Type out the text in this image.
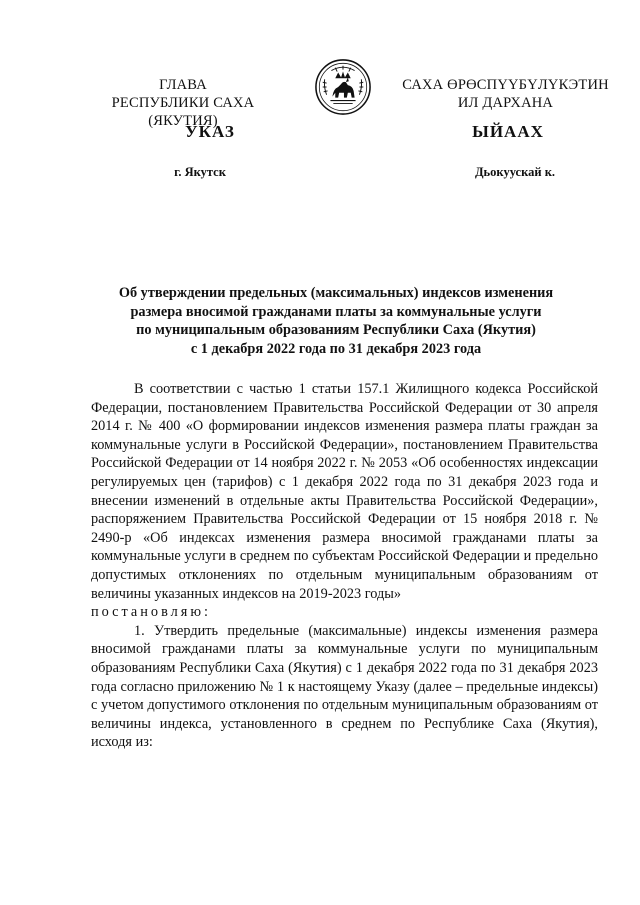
ГЛАВА
РЕСПУБЛИКИ САХА (ЯКУТИЯ)
САХА ӨРӨСПҮҮБҮЛҮКЭТИН
ИЛ ДАРХАНА
УКАЗ	ЫЙААХ
г. Якутск	Дьокуускай к.
Об утверждении предельных (максимальных) индексов изменения
размера вносимой гражданами платы за коммунальные услуги
по муниципальным образованиям Республики Саха (Якутия)
с 1 декабря 2022 года по 31 декабря 2023 года

В соответствии с частью 1 статьи 157.1 Жилищного кодекса Российской Федерации, постановлением Правительства Российской Федерации от 30 апреля 2014 г. № 400 «О формировании индексов изменения размера платы граждан за коммунальные услуги в Российской Федерации», постановлением Правительства Российской Федерации от 14 ноября 2022 г. № 2053 «Об особенностях индексации регулируемых цен (тарифов) с 1 декабря 2022 года по 31 декабря 2023 года и внесении изменений в отдельные акты Правительства Российской Федерации», распоряжением Правительства Российской Федерации от 15 ноября 2018 г. № 2490-р «Об индексах изменения размера вносимой гражданами платы за коммунальные услуги в среднем по субъектам Российской Федерации и предельно допустимых отклонениях по отдельным муниципальным образованиям от величины указанных индексов на 2019-2023 годы»

постановляю:

1. Утвердить предельные (максимальные) индексы изменения размера вносимой гражданами платы за коммунальные услуги по муниципальным образованиям Республики Саха (Якутия) с 1 декабря 2022 года по 31 декабря 2023 года согласно приложению № 1 к настоящему Указу (далее – предельные индексы) с учетом допустимого отклонения по отдельным муниципальным образованиям от величины индекса, установленного в среднем по Республике Саха (Якутия), исходя из:
